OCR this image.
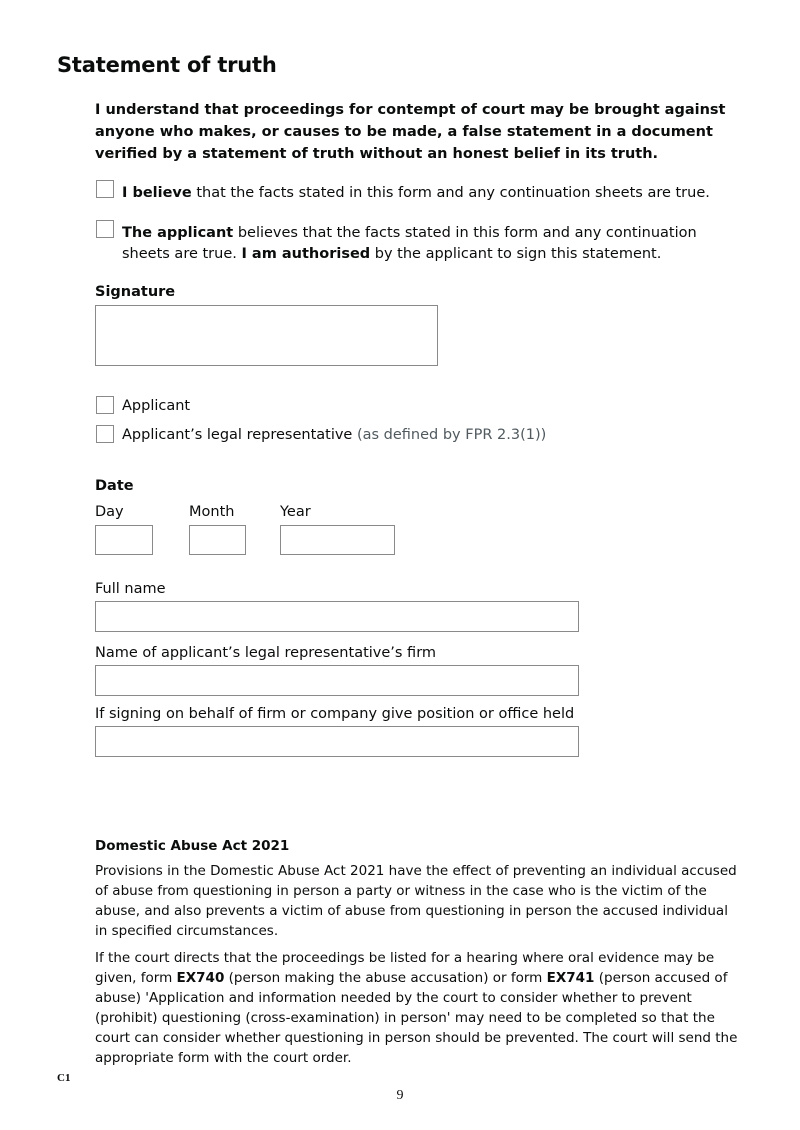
Statement of truth
I understand that proceedings for contempt of court may be brought against anyone who makes, or causes to be made, a false statement in a document verified by a statement of truth without an honest belief in its truth.
I believe that the facts stated in this form and any continuation sheets are true.
The applicant believes that the facts stated in this form and any continuation sheets are true. I am authorised by the applicant to sign this statement.
Signature
Applicant
Applicant’s legal representative (as defined by FPR 2.3(1))
Date
Day	Month	Year
Full name
Name of applicant’s legal representative’s firm
If signing on behalf of firm or company give position or office held
Domestic Abuse Act 2021
Provisions in the Domestic Abuse Act 2021 have the effect of preventing an individual accused of abuse from questioning in person a party or witness in the case who is the victim of the abuse, and also prevents a victim of abuse from questioning in person the accused individual in specified circumstances.
If the court directs that the proceedings be listed for a hearing where oral evidence may be given, form EX740 (person making the abuse accusation) or form EX741 (person accused of abuse) 'Application and information needed by the court to consider whether to prevent (prohibit) questioning (cross-examination) in person' may need to be completed so that the court can consider whether questioning in person should be prevented. The court will send the appropriate form with the court order.
C1
9
